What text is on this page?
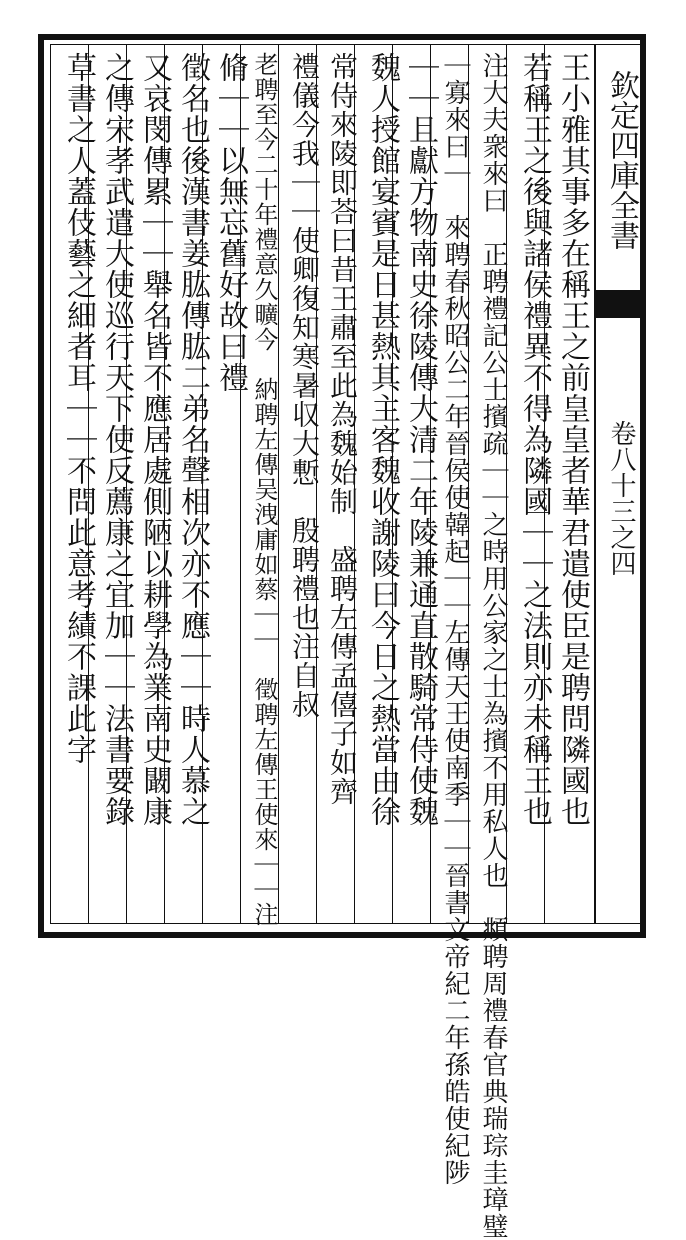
欽定四庫全書
卷八十三之四
王小雅其事多在稱王之前皇皇者華君遣使臣是聘問隣國也
若稱王之後與諸侯禮異不得為隣國｜｜之法則亦未稱王也
注大夫衆來曰　正聘禮記公士擯疏｜｜之時用公家之士為擯不用私人也　頫聘周禮春官典瑞琮圭璋璧
｜寡來曰｜　來聘春秋昭公二年晉侯使韓起｜｜左傳天王使南季｜｜晉書文帝紀二年孫皓使紀陟
｜｜且獻方物南史徐陵傳大清二年陵兼通直散騎常侍使魏
魏人授館宴賓是日甚熱其主客魏收謝陵曰今日之熱當由徐
常侍來陵即荅曰昔王肅至此為魏始制　盛聘左傳孟僖子如齊
禮儀今我｜｜使卿復知寒暑収大慙　殷聘禮也注自叔
老聘至今二十年禮意久曠今　納聘左傳吴洩庸如蔡｜｜　徵聘左傳王使來｜｜注
脩｜｜以無忘舊好故曰禮
徵名也後漢書姜肱傳肱二弟名聲相次亦不應｜｜時人慕之
又哀閔傳累｜｜舉名皆不應居處側陋以耕學為業南史闞康
之傳宋孝武遣大使巡行天下使反薦康之宜加｜｜法書要錄
草書之人蓋伎藝之細者耳｜｜不問此意考績不課此字
